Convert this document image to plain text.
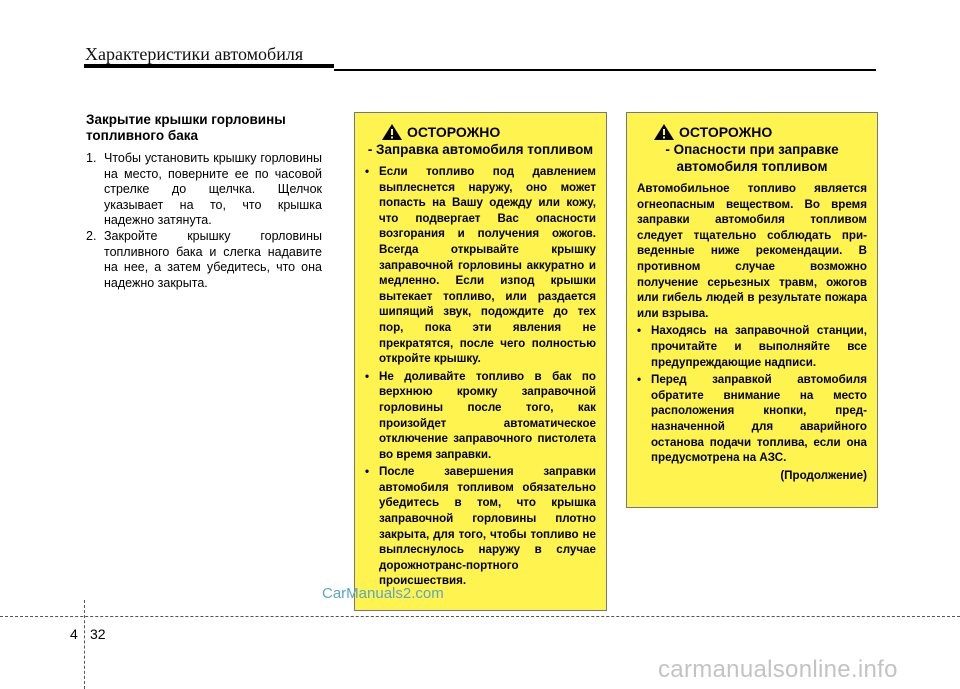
Характеристики автомобиля
Закрытие крышки горловины топливного бака
1. Чтобы установить крышку горловины на место, поверните ее по часовой стрелке до щелчка. Щелчок указывает на то, что крышка надежно затянута.
2. Закройте крышку горловины топливного бака и слегка надавите на нее, а затем убедитесь, что она надежно закрыта.
ОСТОРОЖНО
- Заправка автомобиля топливом
• Если топливо под давлением выплеснется наружу, оно может попасть на Вашу одежду или кожу, что подвергает Вас опасности возгорания и получения ожогов. Всегда открывайте крышку заправочной горловины аккуратно и медленно. Если изпод крышки вытекает топливо, или раздается шипящий звук, подождите до тех пор, пока эти явления не прекратятся, после чего полностью откройте крышку.
• Не доливайте топливо в бак по верхнюю кромку заправочной горловины после того, как произойдет автоматическое отключение заправочного пистолета во время заправки.
• После завершения заправки автомобиля топливом обязательно убедитесь в том, что крышка заправочной горловины плотно закрыта, для того, чтобы топливо не выплеснулось наружу в случае дорожнотранс-портного происшествия.
ОСТОРОЖНО
- Опасности при заправке автомобиля топливом
Автомобильное топливо является огнеопасным веществом. Во время заправки автомобиля топливом следует тщательно соблюдать при-веденные ниже рекомендации. В противном случае возможно получение серьезных травм, ожогов или гибель людей в результате пожара или взрыва.
• Находясь на заправочной станции, прочитайте и выполняйте все предупреждающие надписи.
• Перед заправкой автомобиля обратите внимание на место расположения кнопки, пред-назначенной для аварийного останова подачи топлива, если она предусмотрена на АЗС.
(Продолжение)
CarManuals2.com
4 32
carmanualsonline.info
